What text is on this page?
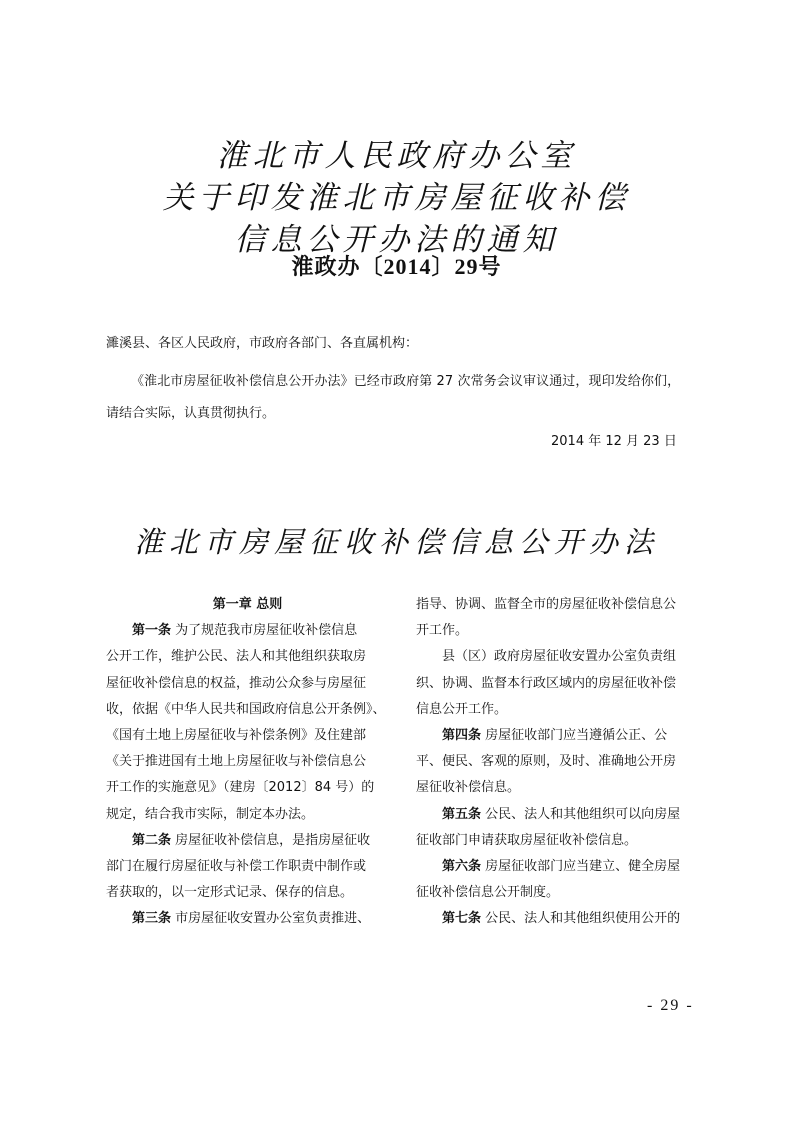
淮北市人民政府办公室
关于印发淮北市房屋征收补偿
信息公开办法的通知
淮政办〔2014〕29号
濉溪县、各区人民政府，市政府各部门、各直属机构：
《淮北市房屋征收补偿信息公开办法》已经市政府第 27 次常务会议审议通过，现印发给你们，
请结合实际，认真贯彻执行。
2014 年 12 月 23 日
淮北市房屋征收补偿信息公开办法
第一章 总则
第一条 为了规范我市房屋征收补偿信息
公开工作，维护公民、法人和其他组织获取房
屋征收补偿信息的权益，推动公众参与房屋征
收，依据《中华人民共和国政府信息公开条例》、
《国有土地上房屋征收与补偿条例》及住建部
《关于推进国有土地上房屋征收与补偿信息公
开工作的实施意见》（建房〔2012〕84 号）的
规定，结合我市实际，制定本办法。
第二条 房屋征收补偿信息，是指房屋征收
部门在履行房屋征收与补偿工作职责中制作或
者获取的，以一定形式记录、保存的信息。
第三条 市房屋征收安置办公室负责推进、
指导、协调、监督全市的房屋征收补偿信息公
开工作。
县（区）政府房屋征收安置办公室负责组
织、协调、监督本行政区域内的房屋征收补偿
信息公开工作。
第四条 房屋征收部门应当遵循公正、公
平、便民、客观的原则，及时、准确地公开房
屋征收补偿信息。
第五条 公民、法人和其他组织可以向房屋
征收部门申请获取房屋征收补偿信息。
第六条 房屋征收部门应当建立、健全房屋
征收补偿信息公开制度。
第七条 公民、法人和其他组织使用公开的
- 29 -
